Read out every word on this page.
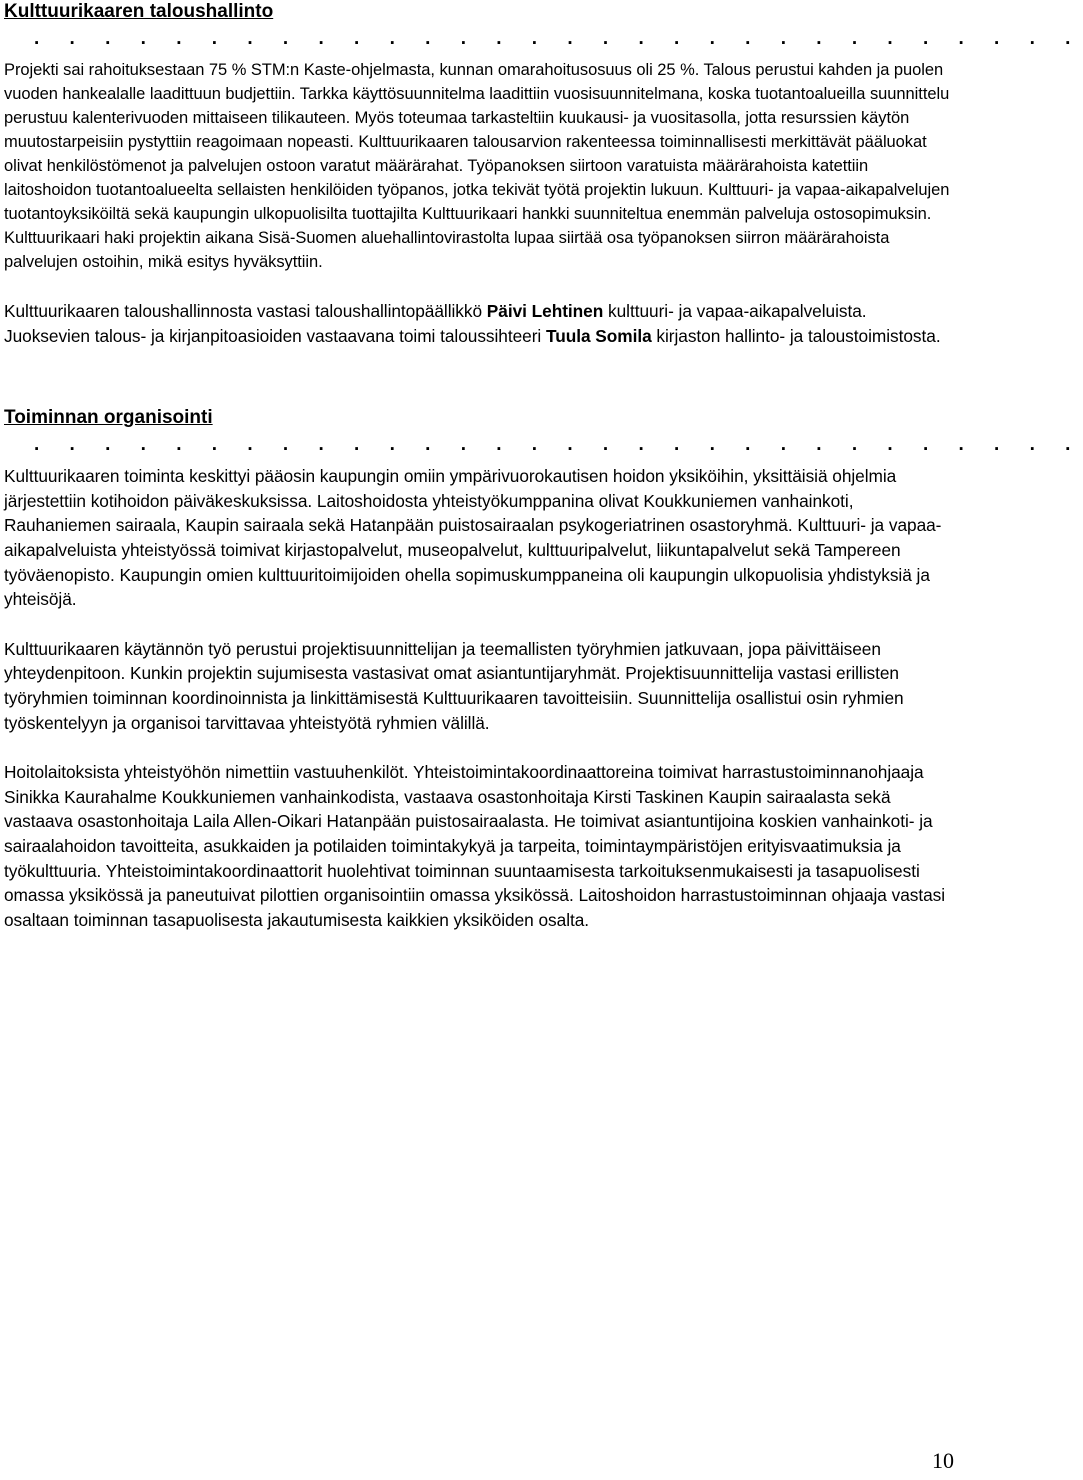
Kulttuurikaaren taloushallinto
. . . . . . . . . . . . . . . . . . . . . . . . . . . . . .

Projekti sai rahoituksestaan 75 % STM:n Kaste-ohjelmasta, kunnan omarahoitusosuus oli 25 %. Talous perustui kahden ja puolen vuoden hankealalle laadittuun budjettiin. Tarkka käyttösuunnitelma laadittiin vuosisuunnitelmana, koska tuotantoalueilla suunnittelu perustuu kalenterivuoden mittaiseen tilikauteen. Myös toteumaa tarkasteltiin kuukausi- ja vuositasolla, jotta resurssien käytön muutostarpeisiin pystyttiin reagoimaan nopeasti. Kulttuurikaaren talousarvion rakenteessa toiminnallisesti merkittävät pääluokat olivat henkilöstömenot ja palvelujen ostoon varatut määrärahat. Työpanoksen siirtoon varatuista määrärahoista katettiin laitoshoidon tuotantoalueelta sellaisten henkilöiden työpanos, jotka tekivät työtä projektin lukuun. Kulttuuri- ja vapaa-aikapalvelujen tuotantoyksiköiltä sekä kaupungin ulkopuolisilta tuottajilta Kulttuurikaari hankki suunniteltua enemmän palveluja ostosopimuksin. Kulttuurikaari haki projektin aikana Sisä-Suomen aluehallintovirastolta lupaa siirtää osa työpanoksen siirron määrärahoista palvelujen ostoihin, mikä esitys hyväksyttiin.

Kulttuurikaaren taloushallinnosta vastasi taloushallintopäällikkö Päivi Lehtinen kulttuuri- ja vapaa-aikapalveluista. Juoksevien talous- ja kirjanpitoasioiden vastaavana toimi taloussihteeri Tuula Somila kirjaston hallinto- ja taloustoimistosta.

Toiminnan organisointi
. . . . . . . . . . . . . . . . . . . . . . . . . . . . . .

Kulttuurikaaren toiminta keskittyi pääosin kaupungin omiin ympärivuorokautisen hoidon yksiköihin, yksittäisiä ohjelmia järjestettiin kotihoidon päiväkeskuksissa. Laitoshoidosta yhteistyökumppanina olivat Koukkuniemen vanhainkoti, Rauhaniemen sairaala, Kaupin sairaala sekä Hatanpään puistosairaalan psykogeriatrinen osastoryhmä. Kulttuuri- ja vapaa-aikapalveluista yhteistyössä toimivat kirjastopalvelut, museopalvelut, kulttuuripalvelut, liikuntapalvelut sekä Tampereen työväenopisto. Kaupungin omien kulttuuritoimijoiden ohella sopimuskumppaneina oli kaupungin ulkopuolisia yhdistyksiä ja yhteisöjä.

Kulttuurikaaren käytännön työ perustui projektisuunnittelijan ja teemallisten työryhmien jatkuvaan, jopa päivittäiseen yhteydenpitoon. Kunkin projektin sujumisesta vastasivat omat asiantuntijaryhmät. Projektisuunnittelija vastasi erillisten työryhmien toiminnan koordinoinnista ja linkittämisestä Kulttuurikaaren tavoitteisiin. Suunnittelija osallistui osin ryhmien työskentelyyn ja organisoi tarvittavaa yhteistyötä ryhmien välillä.

Hoitolaitoksista yhteistyöhön nimettiin vastuuhenkilöt. Yhteistoimintakoordinaattoreina toimivat harrastustoiminnanohjaaja Sinikka Kaurahalme Koukkuniemen vanhainkodista, vastaava osastonhoitaja Kirsti Taskinen Kaupin sairaalasta sekä vastaava osastonhoitaja Laila Allen-Oikari Hatanpään puistosairaalasta. He toimivat asiantuntijoina koskien vanhainkoti- ja sairaalahoidon tavoitteita, asukkaiden ja potilaiden toimintakykyä ja tarpeita, toimintaympäristöjen erityisvaatimuksia ja työkulttuuria. Yhteistoimintakoordinaattorit huolehtivat toiminnan suuntaamisesta tarkoituksenmukaisesti ja tasapuolisesti omassa yksikössä ja paneutuivat pilottien organisointiin omassa yksikössä. Laitoshoidon harrastustoiminnan ohjaaja vastasi osaltaan toiminnan tasapuolisesta jakautumisesta kaikkien yksiköiden osalta.

10
